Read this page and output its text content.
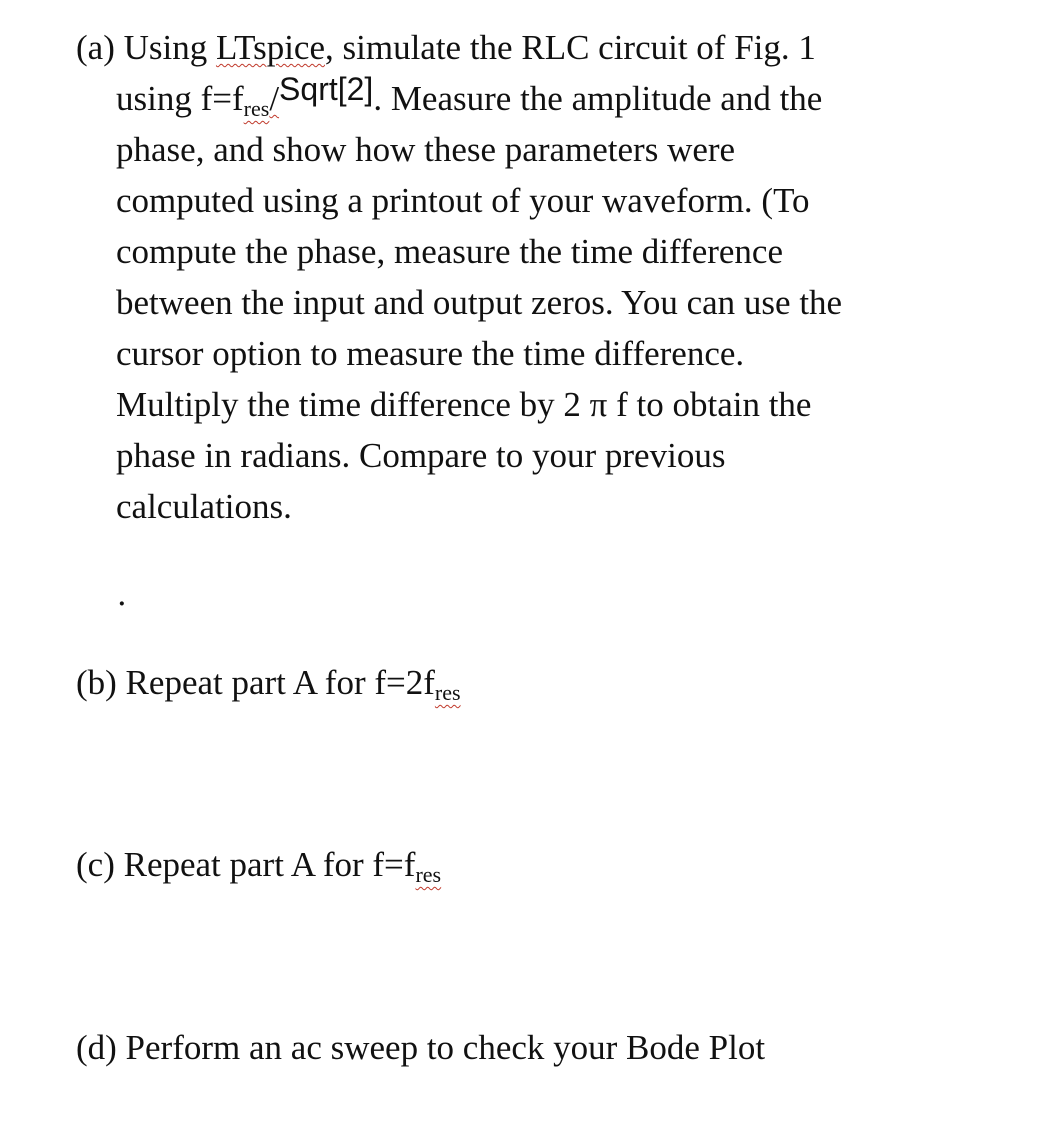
(a) Using LTspice, simulate the RLC circuit of Fig. 1
using f=fres/Sqrt[2]. Measure the amplitude and the
phase, and show how these parameters were
computed using a printout of your waveform. (To
compute the phase, measure the time difference
between the input and output zeros. You can use the
cursor option to measure the time difference.
Multiply the time difference by 2 π f to obtain the
phase in radians. Compare to your previous
calculations.
·
(b) Repeat part A for f=2fres
(c) Repeat part A for f=fres
(d) Perform an ac sweep to check your Bode Plot
